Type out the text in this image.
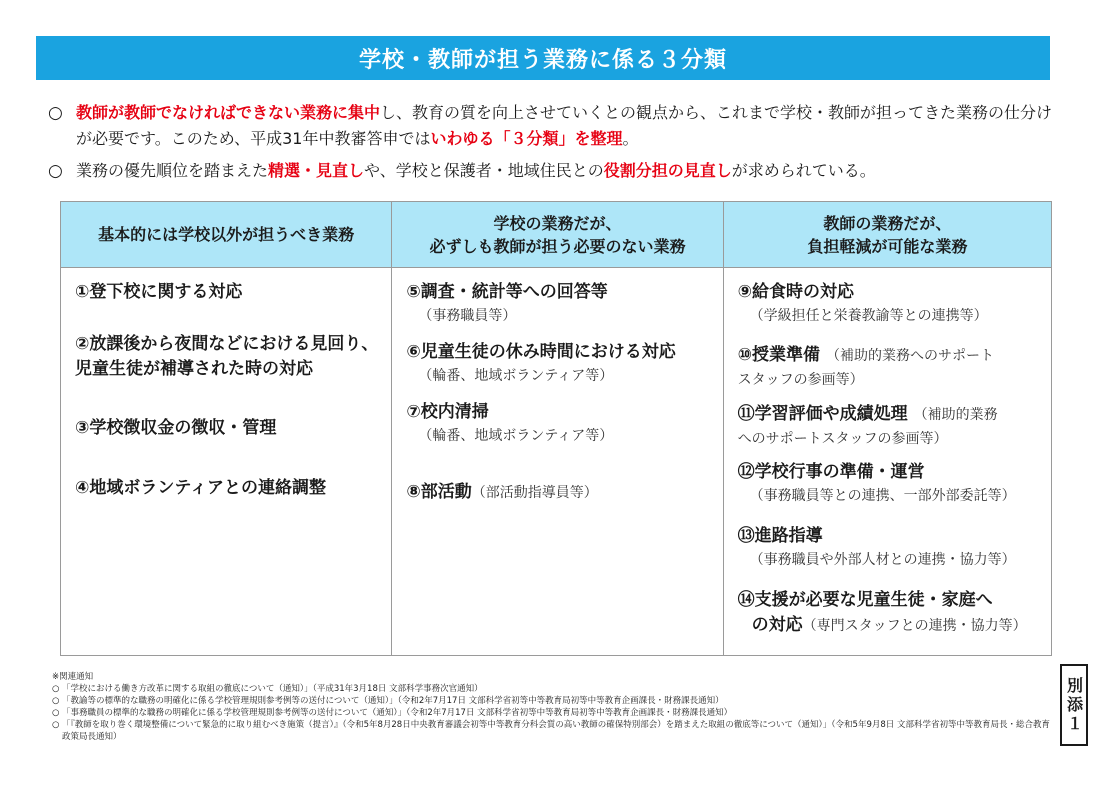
学校・教師が担う業務に係る３分類
○ 教師が教師でなければできない業務に集中し、教育の質を向上させていくとの観点から、これまで学校・教師が担ってきた業務の仕分けが必要です。このため、平成31年中教審答申ではいわゆる「３分類」を整理。
○ 業務の優先順位を踏まえた精選・見直しや、学校と保護者・地域住民との役割分担の見直しが求められている。
基本的には学校以外が担うべき業務
学校の業務だが、
必ずしも教師が担う必要のない業務
教師の業務だが、
負担軽減が可能な業務
①登下校に関する対応
②放課後から夜間などにおける見回り、児童生徒が補導された時の対応
③学校徴収金の徴収・管理
④地域ボランティアとの連絡調整
⑤調査・統計等への回答等
（事務職員等）
⑥児童生徒の休み時間における対応
（輪番、地域ボランティア等）
⑦校内清掃
（輪番、地域ボランティア等）
⑧部活動（部活動指導員等）
⑨給食時の対応
（学級担任と栄養教諭等との連携等）
⑩授業準備 （補助的業務へのサポート
スタッフの参画等）
⑪学習評価や成績処理 （補助的業務
へのサポートスタッフの参画等）
⑫学校行事の準備・運営
（事務職員等との連携、一部外部委託等）
⑬進路指導
（事務職員や外部人材との連携・協力等）
⑭支援が必要な児童生徒・家庭へ
の対応（専門スタッフとの連携・協力等）
※関連通知
○ 「学校における働き方改革に関する取組の徹底について（通知）」（平成31年3月18日 文部科学事務次官通知）
○ 「教諭等の標準的な職務の明確化に係る学校管理規則参考例等の送付について（通知）」（令和2年7月17日 文部科学省初等中等教育局初等中等教育企画課長・財務課長通知）
○ 「事務職員の標準的な職務の明確化に係る学校管理規則参考例等の送付について（通知）」（令和2年7月17日 文部科学省初等中等教育局初等中等教育企画課長・財務課長通知）
○ 「『教師を取り巻く環境整備について緊急的に取り組むべき施策（提言）』（令和5年8月28日中央教育審議会初等中等教育分科会質の高い教師の確保特別部会）を踏まえた取組の徹底等について（通知）」（令和5年9月8日 文部科学省初等中等教育局長・総合教育政策局長通知）
別添１
